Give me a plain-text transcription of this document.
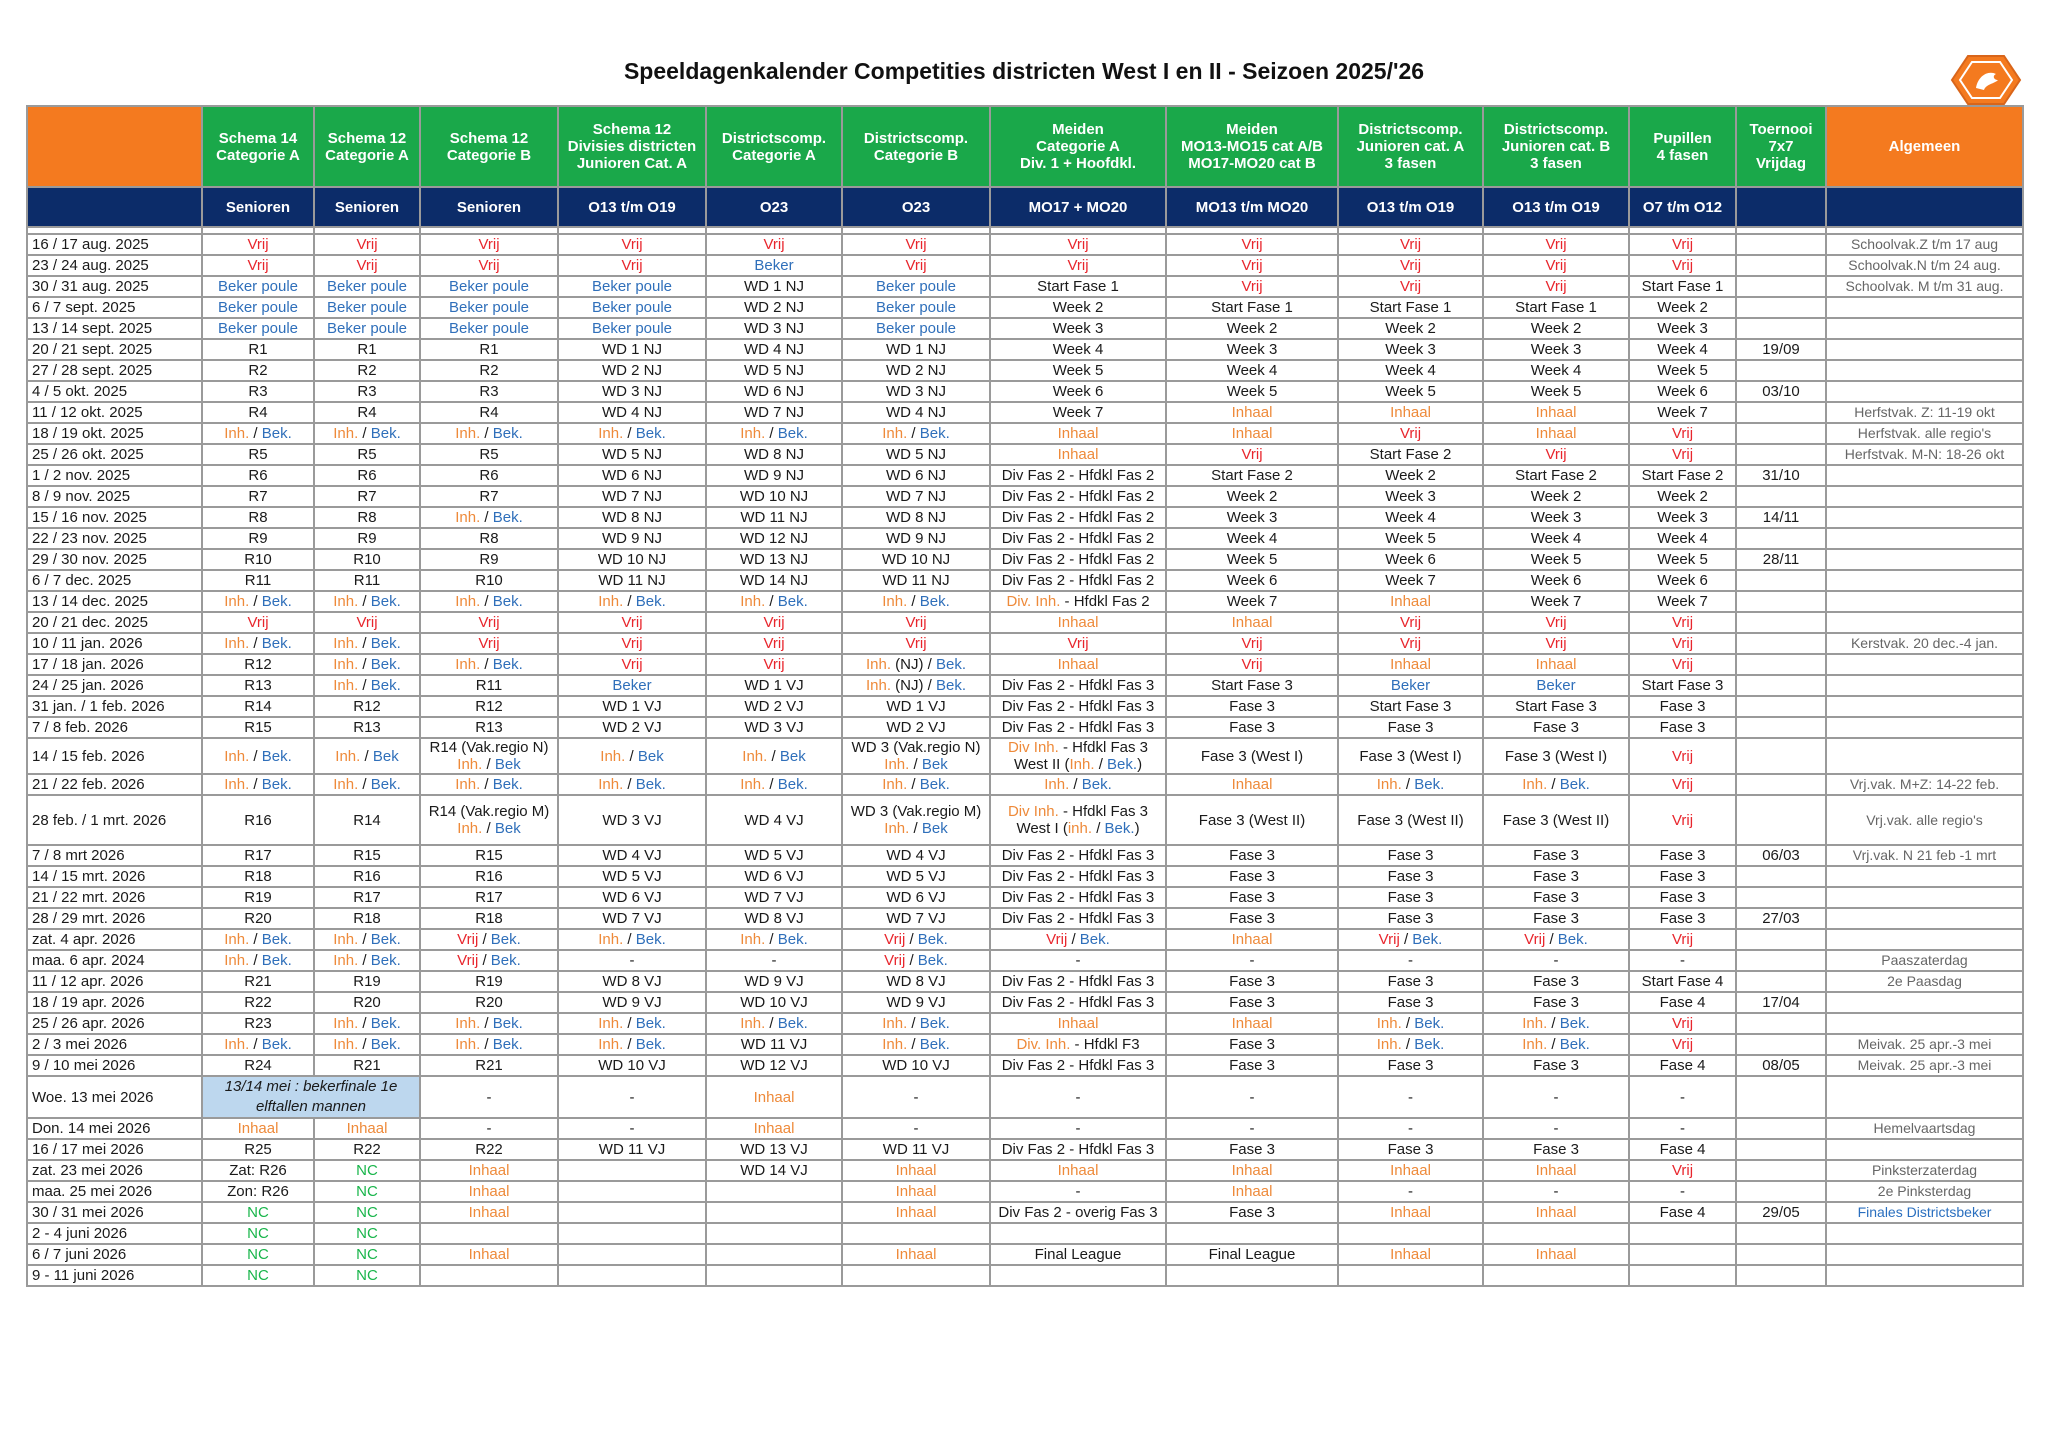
Speeldagenkalender Competities districten West I en II - Seizoen 2025/'26
	Schema 14
Categorie A	Schema 12
Categorie A	Schema 12
Categorie B	Schema 12
Divisies districten
Junioren Cat. A	Districtscomp.
Categorie A	Districtscomp.
Categorie B	Meiden
Categorie A
Div. 1 + Hoofdkl.	Meiden
MO13-MO15 cat A/B
MO17-MO20 cat B	Districtscomp.
Junioren cat. A
3 fasen	Districtscomp.
Junioren cat. B
3 fasen	Pupillen
4 fasen	Toernooi
7x7
Vrijdag	Algemeen
	Senioren	Senioren	Senioren	O13 t/m O19	O23	O23	MO17 + MO20	MO13 t/m MO20	O13 t/m O19	O13 t/m O19	O7 t/m O12		

16 / 17 aug. 2025	Vrij	Vrij	Vrij	Vrij	Vrij	Vrij	Vrij	Vrij	Vrij	Vrij	Vrij		Schoolvak.Z t/m 17 aug
23 / 24 aug. 2025	Vrij	Vrij	Vrij	Vrij	Beker	Vrij	Vrij	Vrij	Vrij	Vrij	Vrij		Schoolvak.N t/m 24 aug.
30 / 31 aug. 2025	Beker poule	Beker poule	Beker poule	Beker poule	WD 1 NJ	Beker poule	Start Fase 1	Vrij	Vrij	Vrij	Start Fase 1		Schoolvak. M t/m 31 aug.
6 / 7 sept. 2025	Beker poule	Beker poule	Beker poule	Beker poule	WD 2 NJ	Beker poule	Week 2	Start Fase 1	Start Fase 1	Start Fase 1	Week 2		
13 / 14 sept. 2025	Beker poule	Beker poule	Beker poule	Beker poule	WD 3 NJ	Beker poule	Week 3	Week 2	Week 2	Week 2	Week 3		
20 / 21 sept. 2025	R1	R1	R1	WD 1 NJ	WD 4 NJ	WD 1 NJ	Week 4	Week 3	Week 3	Week 3	Week 4	19/09	
27 / 28 sept. 2025	R2	R2	R2	WD 2 NJ	WD 5 NJ	WD 2 NJ	Week 5	Week 4	Week 4	Week 4	Week 5		
4 / 5 okt. 2025	R3	R3	R3	WD 3 NJ	WD 6 NJ	WD 3 NJ	Week 6	Week 5	Week 5	Week 5	Week 6	03/10	
11 / 12 okt. 2025	R4	R4	R4	WD 4 NJ	WD 7 NJ	WD 4 NJ	Week 7	Inhaal	Inhaal	Inhaal	Week 7		Herfstvak. Z: 11-19 okt
18 / 19 okt. 2025	Inh. / Bek.	Inh. / Bek.	Inh. / Bek.	Inh. / Bek.	Inh. / Bek.	Inh. / Bek.	Inhaal	Inhaal	Vrij	Inhaal	Vrij		Herfstvak. alle regio's
25 / 26 okt. 2025	R5	R5	R5	WD 5 NJ	WD 8 NJ	WD 5 NJ	Inhaal	Vrij	Start Fase 2	Vrij	Vrij		Herfstvak. M-N: 18-26 okt
1 / 2 nov. 2025	R6	R6	R6	WD 6 NJ	WD 9 NJ	WD 6 NJ	Div Fas 2 - Hfdkl Fas 2	Start Fase 2	Week 2	Start Fase 2	Start Fase 2	31/10	
8 / 9 nov. 2025	R7	R7	R7	WD 7 NJ	WD 10 NJ	WD 7 NJ	Div Fas 2 - Hfdkl Fas 2	Week 2	Week 3	Week 2	Week 2		
15 / 16 nov. 2025	R8	R8	Inh. / Bek.	WD 8 NJ	WD 11 NJ	WD 8 NJ	Div Fas 2 - Hfdkl Fas 2	Week 3	Week 4	Week 3	Week 3	14/11	
22 / 23 nov. 2025	R9	R9	R8	WD 9 NJ	WD 12 NJ	WD 9 NJ	Div Fas 2 - Hfdkl Fas 2	Week 4	Week 5	Week 4	Week 4		
29 / 30 nov. 2025	R10	R10	R9	WD 10 NJ	WD 13 NJ	WD 10 NJ	Div Fas 2 - Hfdkl Fas 2	Week 5	Week 6	Week 5	Week 5	28/11	
6 / 7 dec. 2025	R11	R11	R10	WD 11 NJ	WD 14 NJ	WD 11 NJ	Div Fas 2 - Hfdkl Fas 2	Week 6	Week 7	Week 6	Week 6		
13 / 14 dec. 2025	Inh. / Bek.	Inh. / Bek.	Inh. / Bek.	Inh. / Bek.	Inh. / Bek.	Inh. / Bek.	Div. Inh. - Hfdkl Fas 2	Week 7	Inhaal	Week 7	Week 7		
20 / 21 dec. 2025	Vrij	Vrij	Vrij	Vrij	Vrij	Vrij	Inhaal	Inhaal	Vrij	Vrij	Vrij		
10 / 11 jan. 2026	Inh. / Bek.	Inh. / Bek.	Vrij	Vrij	Vrij	Vrij	Vrij	Vrij	Vrij	Vrij	Vrij		Kerstvak. 20 dec.-4 jan.
17 / 18 jan. 2026	R12	Inh. / Bek.	Inh. / Bek.	Vrij	Vrij	Inh. (NJ) / Bek.	Inhaal	Vrij	Inhaal	Inhaal	Vrij		
24 / 25 jan. 2026	R13	Inh. / Bek.	R11	Beker	WD 1 VJ	Inh. (NJ) / Bek.	Div Fas 2 - Hfdkl Fas 3	Start Fase 3	Beker	Beker	Start Fase 3		
31 jan. / 1 feb. 2026	R14	R12	R12	WD 1 VJ	WD 2 VJ	WD 1 VJ	Div Fas 2 - Hfdkl Fas 3	Fase 3	Start Fase 3	Start Fase 3	Fase 3		
7 / 8 feb. 2026	R15	R13	R13	WD 2 VJ	WD 3 VJ	WD 2 VJ	Div Fas 2 - Hfdkl Fas 3	Fase 3	Fase 3	Fase 3	Fase 3		
14 / 15 feb. 2026	Inh. / Bek.	Inh. / Bek	R14 (Vak.regio N)
Inh. / Bek	Inh. / Bek	Inh. / Bek	WD 3 (Vak.regio N)
Inh. / Bek	Div Inh. - Hfdkl Fas 3
West II (Inh. / Bek.)	Fase 3 (West I)	Fase 3 (West I)	Fase 3 (West I)	Vrij		
21 / 22 feb. 2026	Inh. / Bek.	Inh. / Bek.	Inh. / Bek.	Inh. / Bek.	Inh. / Bek.	Inh. / Bek.	Inh. / Bek.	Inhaal	Inh. / Bek.	Inh. / Bek.	Vrij		Vrj.vak. M+Z: 14-22 feb.
28 feb. / 1 mrt. 2026	R16	R14	R14 (Vak.regio M)
Inh. / Bek	WD 3 VJ	WD 4 VJ	WD 3 (Vak.regio M)
Inh. / Bek	Div Inh. - Hfdkl Fas 3
West I (inh. / Bek.)	Fase 3 (West II)	Fase 3 (West II)	Fase 3 (West II)	Vrij		Vrj.vak. alle regio's
7 / 8 mrt 2026	R17	R15	R15	WD 4 VJ	WD 5 VJ	WD 4 VJ	Div Fas 2 - Hfdkl Fas 3	Fase 3	Fase 3	Fase 3	Fase 3	06/03	Vrj.vak. N 21 feb -1 mrt
14 / 15 mrt. 2026	R18	R16	R16	WD 5 VJ	WD 6 VJ	WD 5 VJ	Div Fas 2 - Hfdkl Fas 3	Fase 3	Fase 3	Fase 3	Fase 3		
21 / 22 mrt. 2026	R19	R17	R17	WD 6 VJ	WD 7 VJ	WD 6 VJ	Div Fas 2 - Hfdkl Fas 3	Fase 3	Fase 3	Fase 3	Fase 3		
28 / 29 mrt. 2026	R20	R18	R18	WD 7 VJ	WD 8 VJ	WD 7 VJ	Div Fas 2 - Hfdkl Fas 3	Fase 3	Fase 3	Fase 3	Fase 3	27/03	
zat. 4 apr. 2026	Inh. / Bek.	Inh. / Bek.	Vrij / Bek.	Inh. / Bek.	Inh. / Bek.	Vrij / Bek.	Vrij / Bek.	Inhaal	Vrij / Bek.	Vrij / Bek.	Vrij		
maa. 6 apr. 2024	Inh. / Bek.	Inh. / Bek.	Vrij / Bek.	-	-	Vrij / Bek.	-	-	-	-	-		Paaszaterdag
11 / 12 apr. 2026	R21	R19	R19	WD 8 VJ	WD 9 VJ	WD 8 VJ	Div Fas 2 - Hfdkl Fas 3	Fase 3	Fase 3	Fase 3	Start Fase 4		2e Paasdag
18 / 19 apr. 2026	R22	R20	R20	WD 9 VJ	WD 10 VJ	WD 9 VJ	Div Fas 2 - Hfdkl Fas 3	Fase 3	Fase 3	Fase 3	Fase 4	17/04	
25 / 26 apr. 2026	R23	Inh. / Bek.	Inh. / Bek.	Inh. / Bek.	Inh. / Bek.	Inh. / Bek.	Inhaal	Inhaal	Inh. / Bek.	Inh. / Bek.	Vrij		
2 / 3 mei 2026	Inh. / Bek.	Inh. / Bek.	Inh. / Bek.	Inh. / Bek.	WD 11 VJ	Inh. / Bek.	Div. Inh. - Hfdkl F3	Fase 3	Inh. / Bek.	Inh. / Bek.	Vrij		Meivak. 25 apr.-3 mei
9 / 10 mei 2026	R24	R21	R21	WD 10 VJ	WD 12 VJ	WD 10 VJ	Div Fas 2 - Hfdkl Fas 3	Fase 3	Fase 3	Fase 3	Fase 4	08/05	Meivak. 25 apr.-3 mei
Woe. 13 mei 2026	13/14 mei : bekerfinale 1e elftallen mannen		-	-	Inhaal	-	-	-	-	-	-		
Don. 14 mei 2026	Inhaal	Inhaal	-	-	Inhaal	-	-	-	-	-	-		Hemelvaartsdag
16 / 17 mei 2026	R25	R22	R22	WD 11 VJ	WD 13 VJ	WD 11 VJ	Div Fas 2 - Hfdkl Fas 3	Fase 3	Fase 3	Fase 3	Fase 4		
zat. 23 mei 2026	Zat: R26	NC	Inhaal		WD 14 VJ	Inhaal	Inhaal	Inhaal	Inhaal	Inhaal	Vrij		Pinksterzaterdag
maa. 25 mei 2026	Zon: R26	NC	Inhaal			Inhaal	-	Inhaal	-	-	-		2e Pinksterdag
30 / 31 mei 2026	NC	NC	Inhaal			Inhaal	Div Fas 2 - overig Fas 3	Fase 3	Inhaal	Inhaal	Fase 4	29/05	Finales Districtsbeker
2 - 4 juni 2026	NC	NC											
6 / 7 juni 2026	NC	NC	Inhaal			Inhaal	Final League	Final League	Inhaal	Inhaal			
9 - 11 juni 2026	NC	NC											
